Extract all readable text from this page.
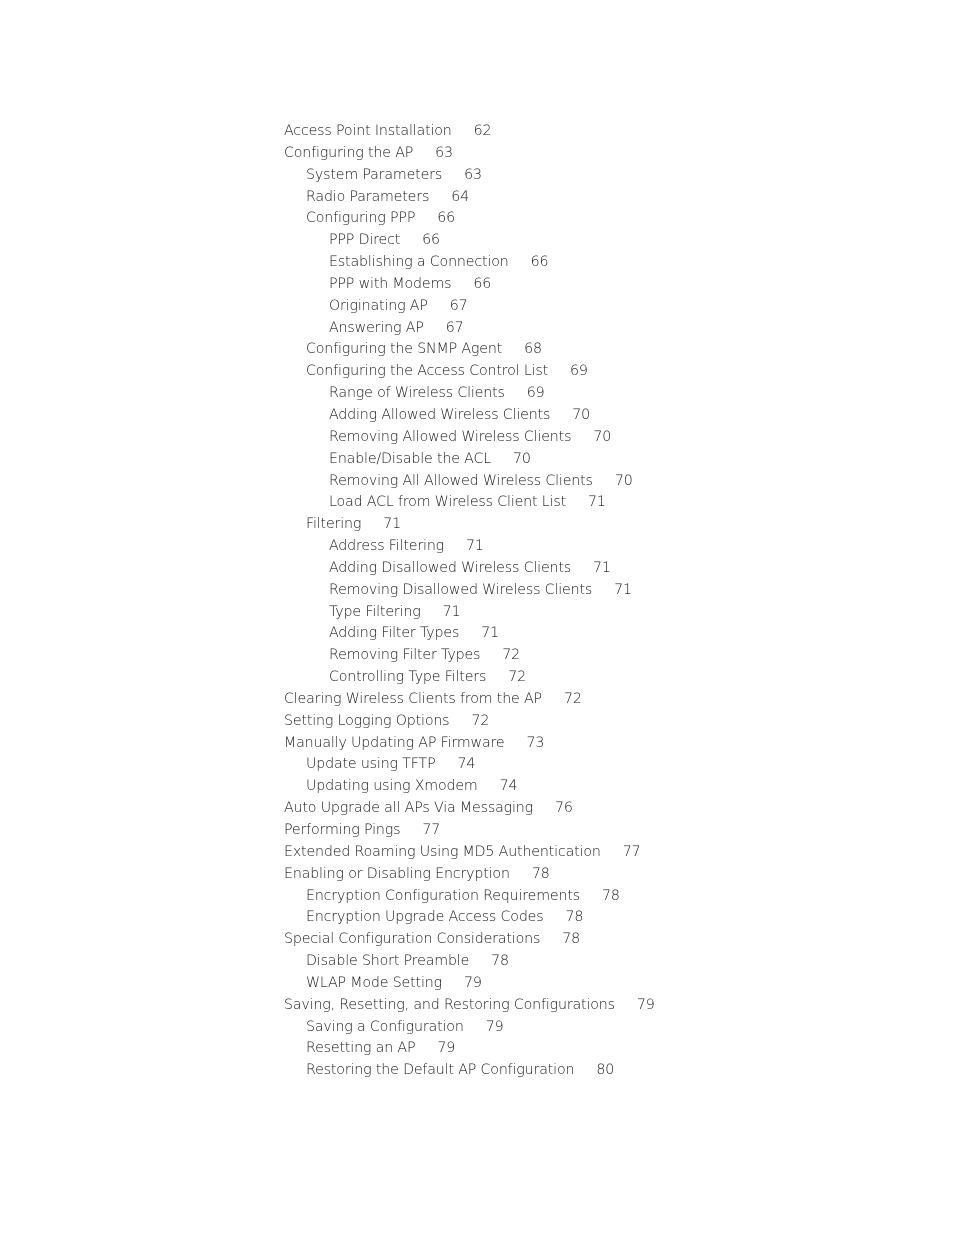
Access Point Installation 62
Configuring the AP 63
System Parameters 63
Radio Parameters 64
Configuring PPP 66
PPP Direct 66
Establishing a Connection 66
PPP with Modems 66
Originating AP 67
Answering AP 67
Configuring the SNMP Agent 68
Configuring the Access Control List 69
Range of Wireless Clients 69
Adding Allowed Wireless Clients 70
Removing Allowed Wireless Clients 70
Enable/Disable the ACL 70
Removing All Allowed Wireless Clients 70
Load ACL from Wireless Client List 71
Filtering 71
Address Filtering 71
Adding Disallowed Wireless Clients 71
Removing Disallowed Wireless Clients 71
Type Filtering 71
Adding Filter Types 71
Removing Filter Types 72
Controlling Type Filters 72
Clearing Wireless Clients from the AP 72
Setting Logging Options 72
Manually Updating AP Firmware 73
Update using TFTP 74
Updating using Xmodem 74
Auto Upgrade all APs Via Messaging 76
Performing Pings 77
Extended Roaming Using MD5 Authentication 77
Enabling or Disabling Encryption 78
Encryption Configuration Requirements 78
Encryption Upgrade Access Codes 78
Special Configuration Considerations 78
Disable Short Preamble 78
WLAP Mode Setting 79
Saving, Resetting, and Restoring Configurations 79
Saving a Configuration 79
Resetting an AP 79
Restoring the Default AP Configuration 80
